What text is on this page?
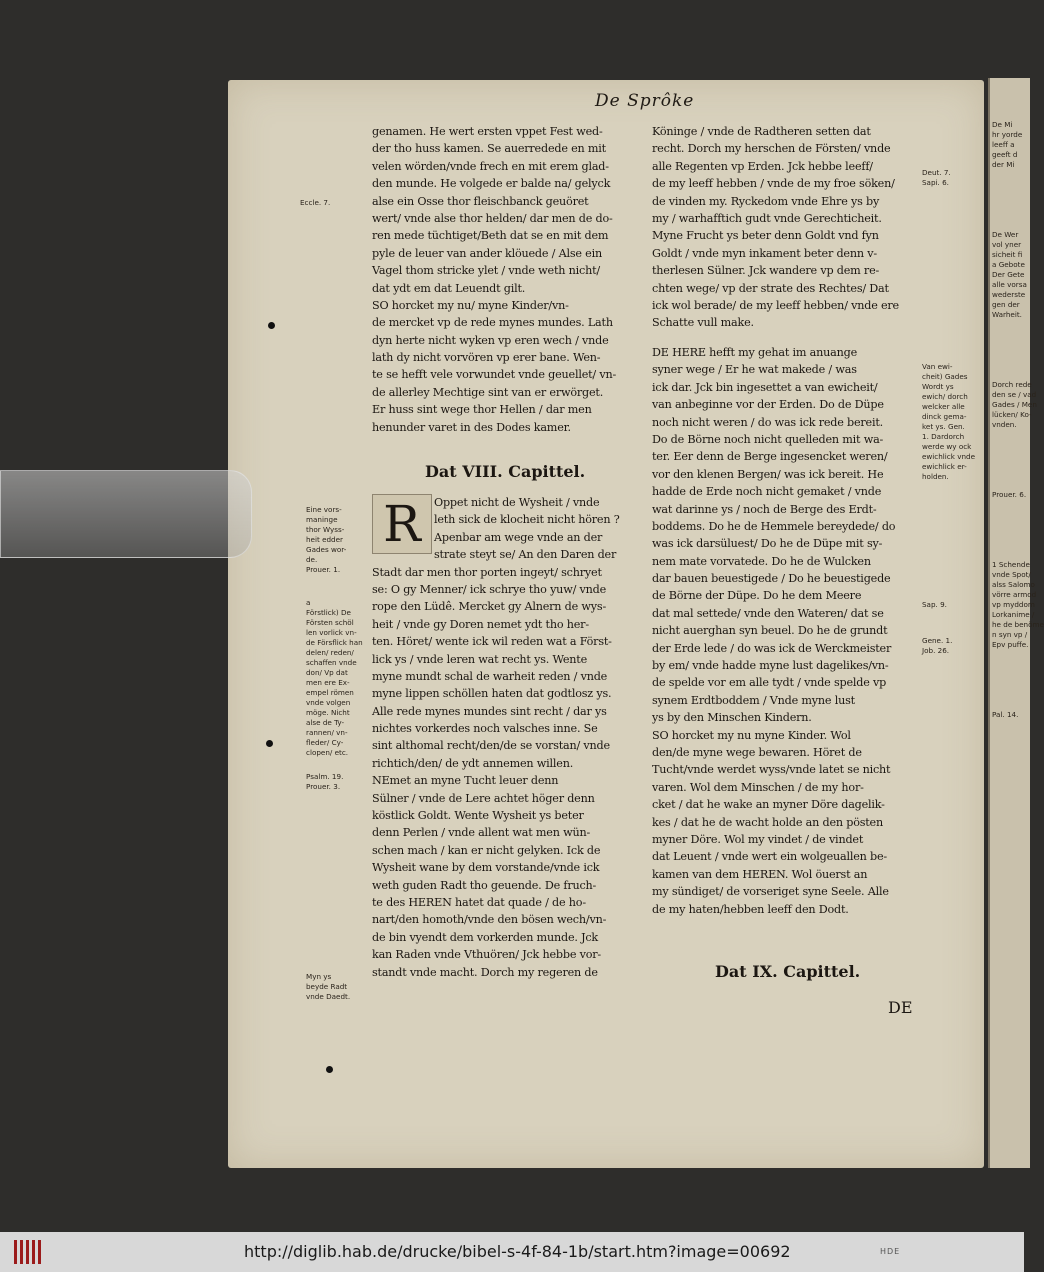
De Sprôke
genamen. He wert ersten vppet Fest wed-
der tho huss kamen. Se auerredede en mit
velen wörden/vnde frech en mit erem glad-
den munde. He volgede er balde na/ gelyck
alse ein Osse thor fleischbanck geuöret
wert/ vnde alse thor helden/ dar men de do-
ren mede tüchtiget/Beth dat se en mit dem
pyle de leuer van ander klöuede / Alse ein
Vagel thom stricke ylet / vnde weth nicht/
dat ydt em dat Leuendt gilt.
SO horcket my nu/ myne Kinder/vn-
de mercket vp de rede mynes mundes. Lath
dyn herte nicht wyken vp eren wech / vnde
lath dy nicht vorvören vp erer bane. Wen-
te se hefft vele vorwundet vnde geuellet/ vn-
de allerley Mechtige sint van er erwörget.
Er huss sint wege thor Hellen / dar men
henunder varet in des Dodes kamer.
Dat VIII. Capittel.
R	Oppet nicht de Wysheit / vnde
leth sick de klocheit nicht hören ?
Apenbar am wege vnde an der
strate steyt se/ An den Daren der
Stadt dar men thor porten ingeyt/ schryet
se: O gy Menner/ ick schrye tho yuw/ vnde
rope den Lüdê. Mercket gy Alnern de wys-
heit / vnde gy Doren nemet ydt tho her-
ten. Höret/ wente ick wil reden wat a Först-
lick ys / vnde leren wat recht ys. Wente
myne mundt schal de warheit reden / vnde
myne lippen schöllen haten dat godtlosz ys.
Alle rede mynes mundes sint recht / dar ys
nichtes vorkerdes noch valsches inne. Se
sint althomal recht/den/de se vorstan/ vnde
richtich/den/ de ydt annemen willen.
NEmet an myne Tucht leuer denn
Sülner / vnde de Lere achtet höger denn
köstlick Goldt. Wente Wysheit ys beter
denn Perlen / vnde allent wat men wün-
schen mach / kan er nicht gelyken. Ick de
Wysheit wane by dem vorstande/vnde ick
weth guden Radt tho geuende. De fruch-
te des HEREN hatet dat quade / de ho-
nart/den homoth/vnde den bösen wech/vn-
de bin vyendt dem vorkerden munde. Jck
kan Raden vnde Vthuören/ Jck hebbe vor-
standt vnde macht. Dorch my regeren de
Köninge / vnde de Radtheren setten dat
recht. Dorch my herschen de Försten/ vnde
alle Regenten vp Erden. Jck hebbe leeff/
de my leeff hebben / vnde de my froe söken/
de vinden my. Ryckedom vnde Ehre ys by
my / warhafftich gudt vnde Gerechticheit.
Myne Frucht ys beter denn Goldt vnd fyn
Goldt / vnde myn inkament beter denn v-
therlesen Sülner. Jck wandere vp dem re-
chten wege/ vp der strate des Rechtes/ Dat
ick wol berade/ de my leeff hebben/ vnde ere
Schatte vull make.
DE HERE hefft my gehat im anuange
syner wege / Er he wat makede / was
ick dar. Jck bin ingesettet a van ewicheit/
van anbeginne vor der Erden. Do de Düpe
noch nicht weren / do was ick rede bereit.
Do de Börne noch nicht quelleden mit wa-
ter. Eer denn de Berge ingesencket weren/
vor den klenen Bergen/ was ick bereit. He
hadde de Erde noch nicht gemaket / vnde
wat darinne ys / noch de Berge des Erdt-
boddems. Do he de Hemmele bereydede/ do
was ick darsüluest/ Do he de Düpe mit sy-
nem mate vorvatede. Do he de Wulcken
dar bauen beuestigede / Do he beuestigede
de Börne der Düpe. Do he dem Meere
dat mal settede/ vnde den Wateren/ dat se
nicht auerghan syn beuel. Do he de grundt
der Erde lede / do was ick de Werckmeister
by em/ vnde hadde myne lust dagelikes/vn-
de spelde vor em alle tydt / vnde spelde vp
synem Erdtboddem / Vnde myne lust
ys by den Minschen Kindern.
SO horcket my nu myne Kinder. Wol
den/de myne wege bewaren. Höret de
Tucht/vnde werdet wyss/vnde latet se nicht
varen. Wol dem Minschen / de my hor-
cket / dat he wake an myner Döre dagelik-
kes / dat he de wacht holde an den pösten
myner Döre. Wol my vindet / de vindet
dat Leuent / vnde wert ein wolgeuallen be-
kamen van dem HEREN. Wol öuerst an
my sündiget/ de vorseriget syne Seele. Alle
de my haten/hebben leeff den Dodt.
Dat IX. Capittel.
DE
Eccle. 7.
Eine vors-
maninge
thor Wyss-
heit edder
Gades wor-
de.
Prouer. 1.
a
Förstlick) De
Försten schöl
len vorlick vn-
de Försflick han
delen/ reden/
schaffen vnde
don/ Vp dat
men ere Ex-
empel römen
vnde volgen
möge. Nicht
alse de Ty-
rannen/ vn-
fleder/ Cy-
clopen/ etc.
Psalm. 19.
Prouer. 3.
Myn ys
beyde Radt
vnde Daedt.
Deut. 7.
Sapi. 6.
Van ewi-
cheit) Gades
Wordt ys
ewich/ dorch
welcker alle
dinck gema-
ket ys. Gen.
1. Dardorch
werde wy ock
ewichlick vnde
ewichlick er-
holden.
Sap. 9.
Gene. 1.
Job. 26.
De Mi
hr yorde
leeff a
geeft d
der Mi
De Wer
vol yner
sicheit fi
a Gebote
Der Gete
alle vorsa
wederste
gen der
Warheit.
Dorch rede
den se / vad
Gades / Men
lücken/ Ko-
vnden.
Prouer. 6.
1 Schende
vnde Spot/
alss Salomo
vörre armod
vp myddom
Lorkanime /
he de benöme
n syn vp /
Epv puffe.
Pal. 14.
http://diglib.hab.de/drucke/bibel-s-4f-84-1b/start.htm?image=00692	HDE
